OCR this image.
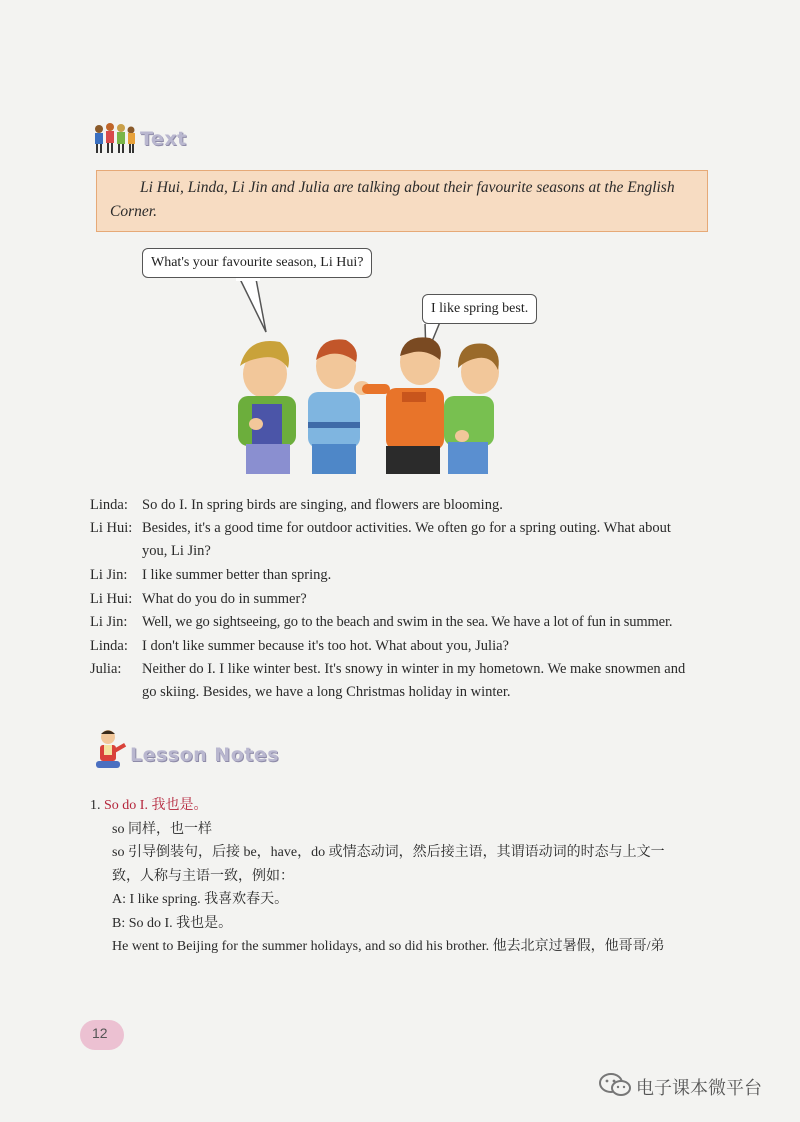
Text
Li Hui, Linda, Li Jin and Julia are talking about their favourite seasons at the English Corner.
What's your favourite season, Li Hui?
I like spring best.
Linda: So do I. In spring birds are singing, and flowers are blooming.
Li Hui: Besides, it's a good time for outdoor activities. We often go for a spring outing. What about
you, Li Jin?
Li Jin:	I like summer better than spring.
Li Hui: What do you do in summer?
Li Jin:	Well, we go sightseeing, go to the beach and swim in the sea. We have a lot of fun in summer.
Linda: I don't like summer because it's too hot. What about you, Julia?
Julia:	Neither do I. I like winter best. It's snowy in winter in my hometown. We make snowmen and
go skiing. Besides, we have a long Christmas holiday in winter.
Lesson Notes
1. So do I. 我也是。
so 同样，也一样
so 引导倒装句，后接 be，have，do 或情态动词，然后接主语，其谓语动词的时态与上文一
致，人称与主语一致，例如：
A: I like spring. 我喜欢春天。
B: So do I. 我也是。
He went to Beijing for the summer holidays, and so did his brother. 他去北京过暑假，他哥哥/弟
12
电子课本微平台
